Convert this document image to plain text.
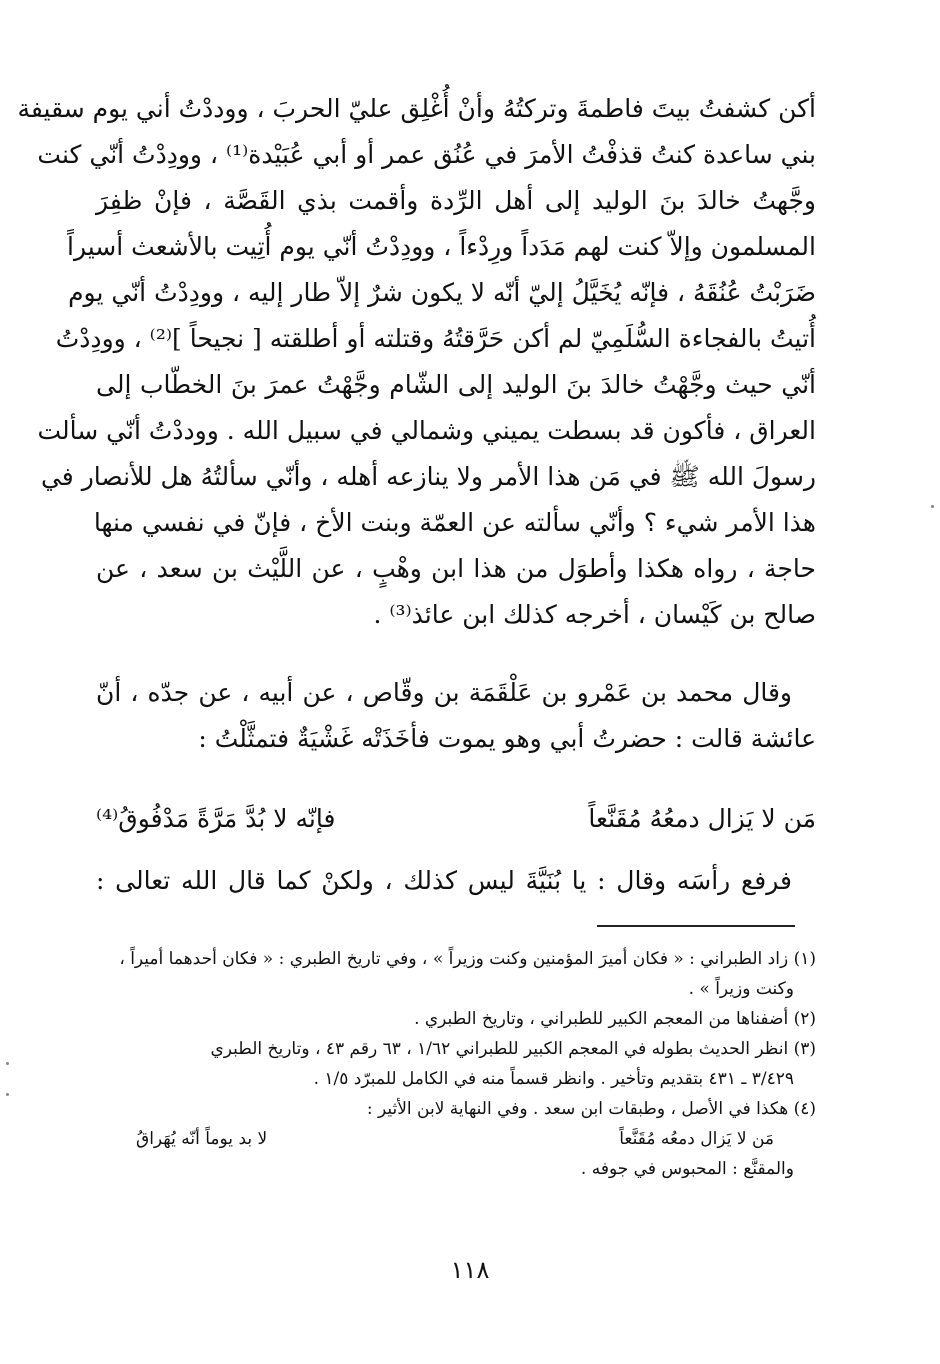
أكن كشفتُ بيتَ فاطمةَ وتركتُهُ وأنْ أُغْلِق عليّ الحربَ ، ووددْتُ أني يوم سقيفة
بني ساعدة كنتُ قذفْتُ الأمرَ في عُنُق عمر أو أبي عُبَيْدة⁽¹⁾ ، وودِدْتُ أنّي كنت
وجَّهتُ خالدَ بنَ الوليد إلى أهل الرِّدة وأقمت بذي القَصَّة ، فإنْ ظفِرَ
المسلمون وإلاّ كنت لهم مَدَداً ورِدْءاً ، وودِدْتُ أنّي يوم أُتِيت بالأشعث أسيراً
ضَرَبْتُ عُنُقَهُ ، فإنّه يُخَيَّلُ إليّ أنّه لا يكون شرٌ إلاّ طار إليه ، وودِدْتُ أنّي يوم
أُتيتُ بالفجاءة السُّلَمِيّ لم أكن حَرَّقتُهُ وقتلته أو أطلقته [ نجيحاً ]⁽²⁾ ، وودِدْتُ
أنّي حيث وجَّهْتُ خالدَ بنَ الوليد إلى الشّام وجَّهْتُ عمرَ بنَ الخطّاب إلى
العراق ، فأكون قد بسطت يميني وشمالي في سبيل الله . ووددْتُ أنّي سألت
رسولَ الله ﷺ في مَن هذا الأمر ولا ينازعه أهله ، وأنّي سألتُهُ هل للأنصار في
هذا الأمر شيء ؟ وأنّي سألته عن العمّة وبنت الأخ ، فإنّ في نفسي منها
حاجة ، رواه هكذا وأطوَل من هذا ابن وهْبٍ ، عن اللَّيْث بن سعد ، عن
صالح بن كَيْسان ، أخرجه كذلك ابن عائذ⁽³⁾ .
وقال محمد بن عَمْرو بن عَلْقَمَة بن وقّاص ، عن أبيه ، عن جدّه ، أنّ
عائشة قالت : حضرتُ أبي وهو يموت فأخَذَتْه غَشْيَةٌ فتمثَّلْتُ :
مَن لا يَزال دمعُهُ مُقَنَّعاً
فإنّه لا بُدَّ مَرَّةً مَدْفُوقُ⁽⁴⁾
فرفع رأسَه وقال : يا بُنَيَّةَ ليس كذلك ، ولكنْ كما قال الله تعالى :
(١) زاد الطبراني : « فكان أميرَ المؤمنين وكنت وزيراً » ، وفي تاريخ الطبري : « فكان أحدهما أميراً ،
وكنت وزيراً » .
(٢) أضفناها من المعجم الكبير للطبراني ، وتاريخ الطبري .
(٣) انظر الحديث بطوله في المعجم الكبير للطبراني ١/٦٢ ، ٦٣ رقم ٤٣ ، وتاريخ الطبري
٣/٤٢٩ ـ ٤٣١ بتقديم وتأخير . وانظر قسماً منه في الكامل للمبرّد ١/٥ .
(٤) هكذا في الأصل ، وطبقات ابن سعد . وفي النهاية لابن الأثير :
مَن لا يَزال دمعُه مُقَنَّعاً
لا بد يوماً أنّه يُهَراقُ
والمقنَّع : المحبوس في جوفه .
١١٨
